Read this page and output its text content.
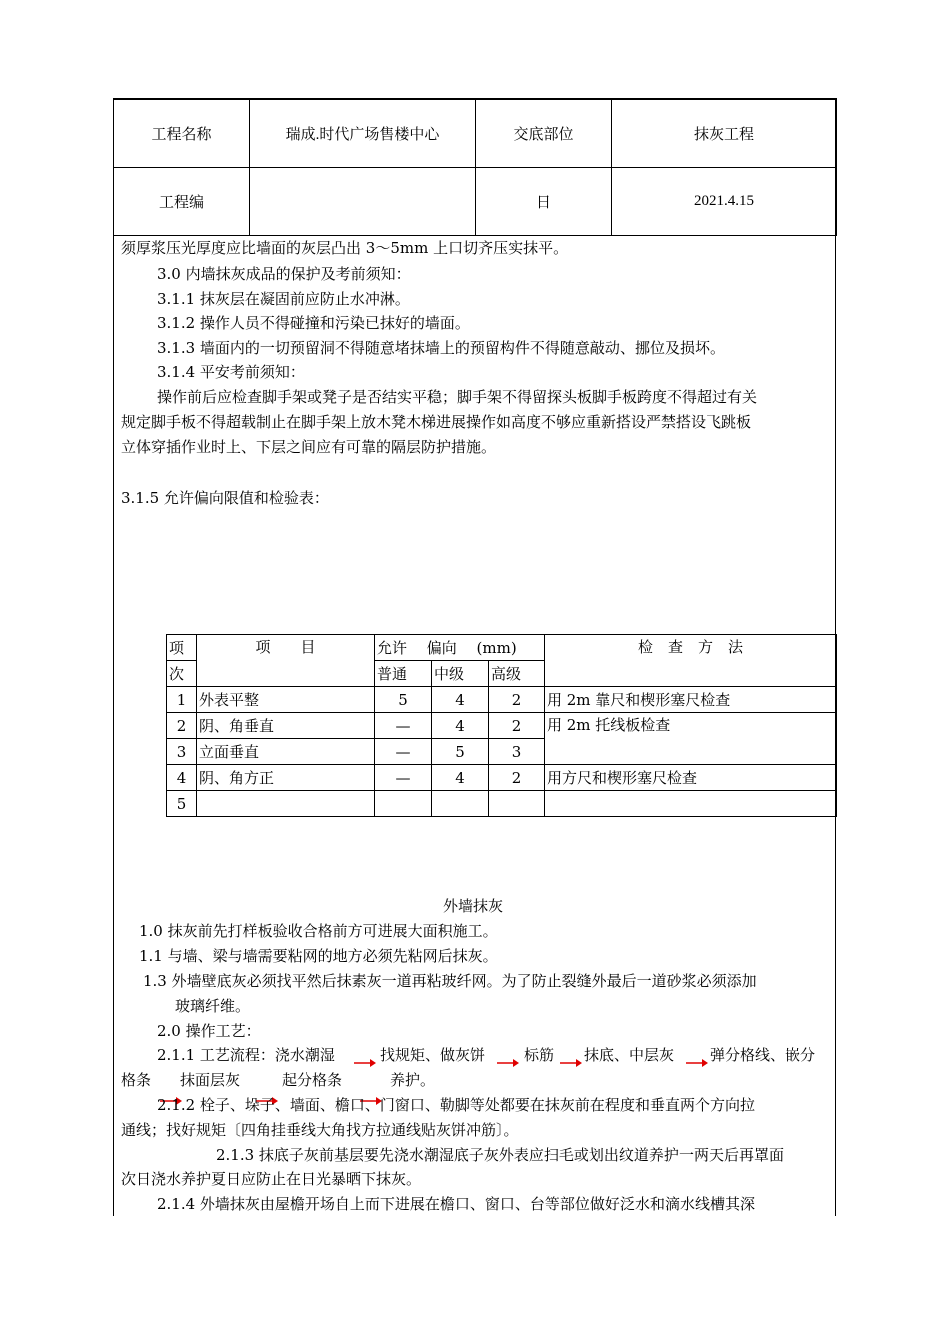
工程名称	瑞成.时代广场售楼中心	交底部位	抹灰工程
工程编		日	2021.4.15
须厚浆压光厚度应比墙面的灰层凸出 3～5mm 上口切齐压实抹平。
3.0 内墙抹灰成品的保护及考前须知：
3.1.1 抹灰层在凝固前应防止水冲淋。
3.1.2 操作人员不得碰撞和污染已抹好的墙面。
3.1.3 墙面内的一切预留洞不得随意堵抹墙上的预留构件不得随意敲动、挪位及损坏。
3.1.4 平安考前须知：
操作前后应检查脚手架或凳子是否结实平稳；脚手架不得留探头板脚手板跨度不得超过有关
规定脚手板不得超载制止在脚手架上放木凳木梯进展操作如高度不够应重新搭设严禁搭设飞跳板
立体穿插作业时上、下层之间应有可靠的隔层防护措施。
3.1.5 允许偏向限值和检验表：
项	项　　目	允许　 偏向　 (mm)			检　查　方　法
次		普通	中级	高级	
1	外表平整	5	4	2	用 2m 靠尺和楔形塞尺检查
2	阴、角垂直	—	4	2	用 2m 托线板检查
3	立面垂直	—	5	3	
4	阴、角方正	—	4	2	用方尺和楔形塞尺检查
5					
外墙抹灰
1.0 抹灰前先打样板验收合格前方可进展大面积施工。
1.1 与墙、梁与墙需要粘网的地方必须先粘网后抹灰。
1.3 外墙壁底灰必须找平然后抹素灰一道再粘玻纤网。为了防止裂缝外最后一道砂浆必须添加
玻璃纤维。
2.0 操作工艺：
2.1.1 工艺流程：浇水潮湿	找规矩、做灰饼	标筋 抹底、中层灰 弹分格线、嵌分
格条 抹面层灰	起分格条	养护。
2.1.2 栓子、垛子、墙面、檐口、门窗口、勒脚等处都要在抹灰前在程度和垂直两个方向拉
通线；找好规矩〔四角挂垂线大角找方拉通线贴灰饼冲筋〕。
2.1.3 抹底子灰前基层要先浇水潮湿底子灰外表应扫毛或划出纹道养护一两天后再罩面
次日浇水养护夏日应防止在日光暴晒下抹灰。
2.1.4 外墙抹灰由屋檐开场自上而下进展在檐口、窗口、台等部位做好泛水和滴水线槽其深
